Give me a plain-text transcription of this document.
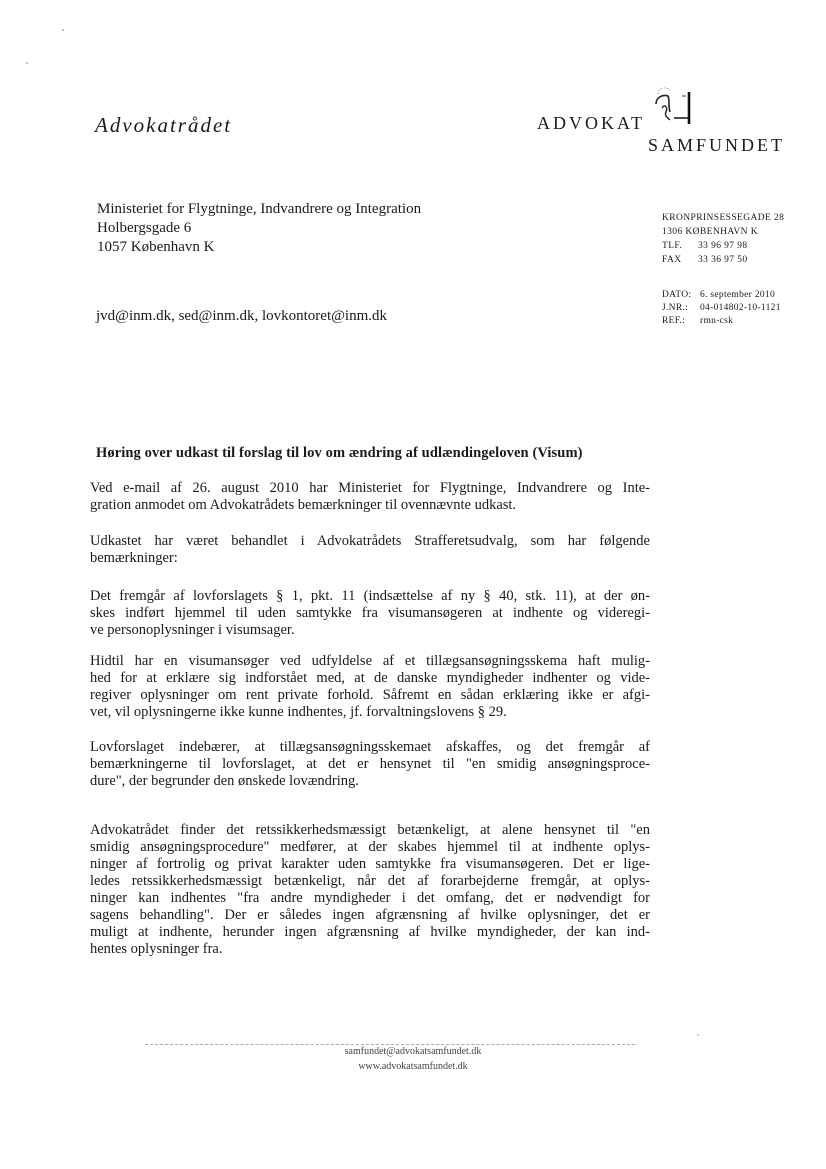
Advokatrådet	ADVOKAT
SAMFUNDET
Ministeriet for Flygtninge, Indvandrere og Integration
Holbergsgade 6
1057 København K
KRONPRINSESSEGADE 28
1306 KØBENHAVN K
TLF.	33 96 97 98
FAX	33 36 97 50
DATO: 6. september 2010
J.NR.:	04-014802-10-1121
REF.:	rmn-csk
jvd@inm.dk, sed@inm.dk, lovkontoret@inm.dk
Høring over udkast til forslag til lov om ændring af udlændingeloven (Visum)
Ved e-mail af 26. august 2010 har Ministeriet for Flygtninge, Indvandrere og Inte-
gration anmodet om Advokatrådets bemærkninger til ovennævnte udkast.
Udkastet har været behandlet i Advokatrådets Strafferetsudvalg, som har følgende
bemærkninger:
Det fremgår af lovforslagets § 1, pkt. 11 (indsættelse af ny § 40, stk. 11), at der øn-
skes indført hjemmel til uden samtykke fra visumansøgeren at indhente og videregi-
ve personoplysninger i visumsager.
Hidtil har en visumansøger ved udfyldelse af et tillægsansøgningsskema haft mulig-
hed for at erklære sig indforstået med, at de danske myndigheder indhenter og vide-
regiver oplysninger om rent private forhold. Såfremt en sådan erklæring ikke er afgi-
vet, vil oplysningerne ikke kunne indhentes, jf. forvaltningslovens § 29.
Lovforslaget indebærer, at tillægsansøgningsskemaet afskaffes, og det fremgår af
bemærkningerne til lovforslaget, at det er hensynet til "en smidig ansøgningsproce-
dure", der begrunder den ønskede lovændring.
Advokatrådet finder det retssikkerhedsmæssigt betænkeligt, at alene hensynet til "en
smidig ansøgningsprocedure" medfører, at der skabes hjemmel til at indhente oplys-
ninger af fortrolig og privat karakter uden samtykke fra visumansøgeren. Det er lige-
ledes retssikkerhedsmæssigt betænkeligt, når det af forarbejderne fremgår, at oplys-
ninger kan indhentes "fra andre myndigheder i det omfang, det er nødvendigt for
sagens behandling". Der er således ingen afgrænsning af hvilke oplysninger, det er
muligt at indhente, herunder ingen afgrænsning af hvilke myndigheder, der kan ind-
hentes oplysninger fra.
samfundet@advokatsamfundet.dk
www.advokatsamfundet.dk
